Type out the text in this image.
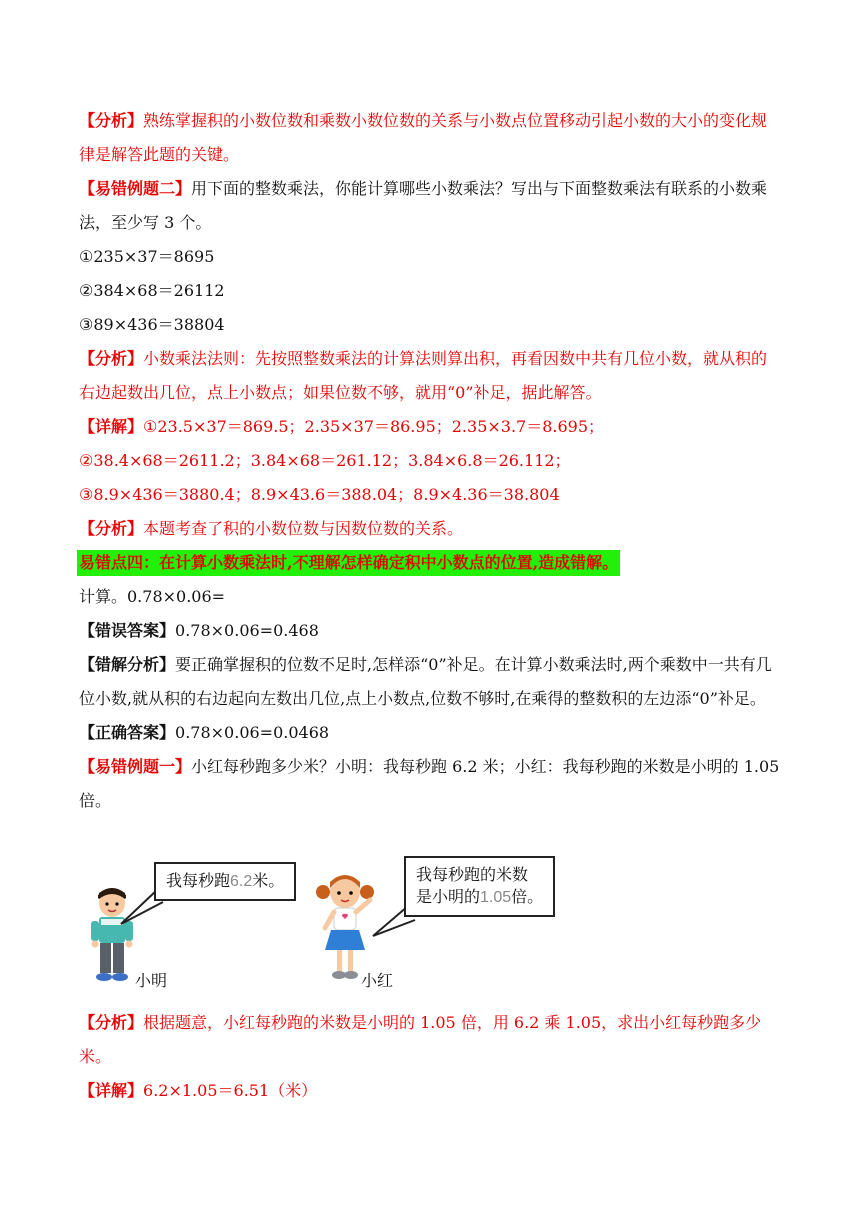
【分析】熟练掌握积的小数位数和乘数小数位数的关系与小数点位置移动引起小数的大小的变化规律是解答此题的关键。

【易错例题二】用下面的整数乘法，你能计算哪些小数乘法？写出与下面整数乘法有联系的小数乘法，至少写 3 个。

①235×37＝8695

②384×68＝26112

③89×436＝38804

【分析】小数乘法法则：先按照整数乘法的计算法则算出积，再看因数中共有几位小数，就从积的右边起数出几位，点上小数点；如果位数不够，就用“0”补足，据此解答。

【详解】①23.5×37＝869.5；2.35×37＝86.95；2.35×3.7＝8.695；

②38.4×68＝2611.2；3.84×68＝261.12；3.84×6.8＝26.112；

③8.9×436＝3880.4；8.9×43.6＝388.04；8.9×4.36＝38.804

【分析】本题考查了积的小数位数与因数位数的关系。

易错点四：在计算小数乘法时,不理解怎样确定积中小数点的位置,造成错解。

计算。0.78×0.06=

【错误答案】0.78×0.06=0.468

【错解分析】要正确掌握积的位数不足时,怎样添“0”补足。在计算小数乘法时,两个乘数中一共有几位小数,就从积的右边起向左数出几位,点上小数点,位数不够时,在乘得的整数积的左边添“0”补足。

【正确答案】0.78×0.06=0.0468

【易错例题一】小红每秒跑多少米？小明：我每秒跑 6.2 米；小红：我每秒跑的米数是小明的 1.05 倍。

小明
我每秒跑6.2米。
小红
我每秒跑的米数
是小明的1.05倍。

【分析】根据题意，小红每秒跑的米数是小明的 1.05 倍，用 6.2 乘 1.05，求出小红每秒跑多少米。

【详解】6.2×1.05＝6.51（米）
